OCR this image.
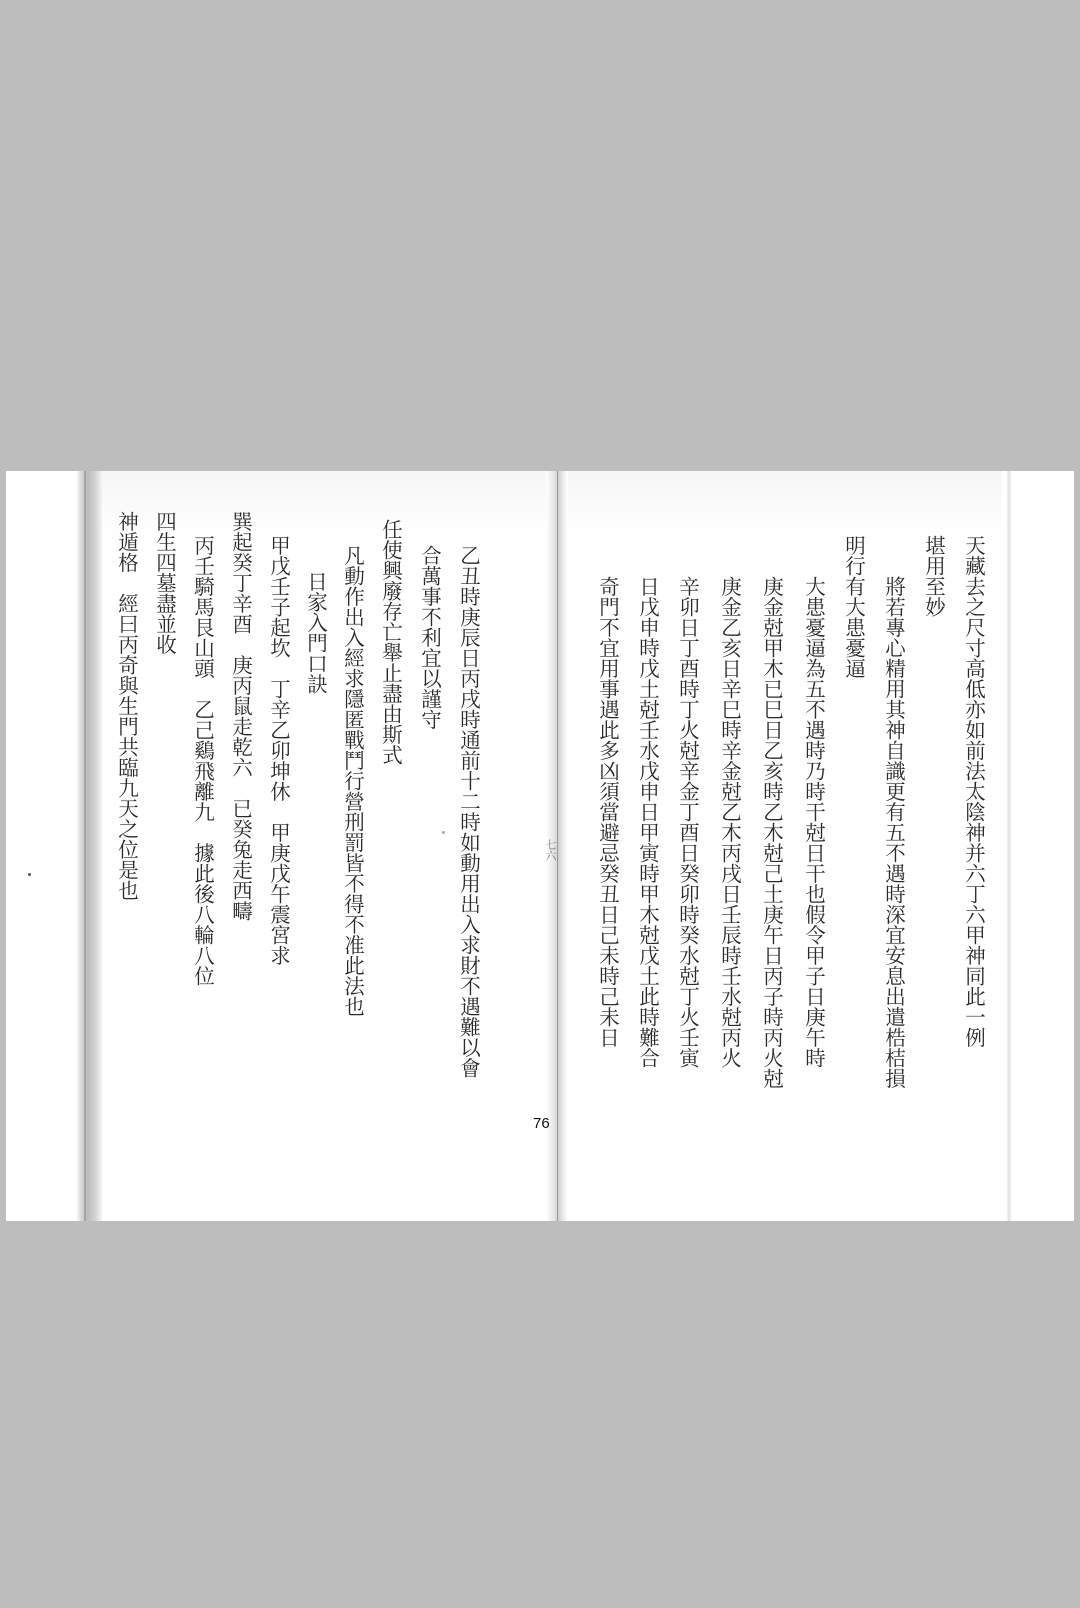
天藏去之尺寸高低亦如前法太陰神并六丁六甲神同此一例
堪用至妙
將若專心精用其神自識更有五不遇時深宜安息出遣梏桔損
明行有大患憂逼
大患憂逼為五不遇時乃時干尅日干也假令甲子日庚午時
庚金尅甲木已巳日乙亥時乙木尅己土庚午日丙子時丙火尅
庚金乙亥日辛巳時辛金尅乙木丙戌日壬辰時壬水尅丙火
辛卯日丁酉時丁火尅辛金丁酉日癸卯時癸水尅丁火壬寅
日戊申時戊土尅壬水戊申日甲寅時甲木尅戊土此時難合
奇門不宜用事遇此多凶須當避忌癸丑日己未時己未日
七六
76
乙丑時庚辰日丙戌時通前十二時如動用出入求財不遇難以會
合萬事不利宜以謹守
任使興廢存亡舉止盡由斯式
凡動作出入經求隱匿戰鬥行營刑罰皆不得不准此法也
日家入門口訣
甲戊壬子起坎　丁辛乙卯坤休　甲庚戊午震宮求
巽起癸丁辛酉　庚丙鼠走乾六　已癸兔走西疇
丙壬騎馬艮山頭　乙己鷄飛離九　據此後八輪八位
四生四墓盡並收
神遁格　經曰丙奇與生門共臨九天之位是也
